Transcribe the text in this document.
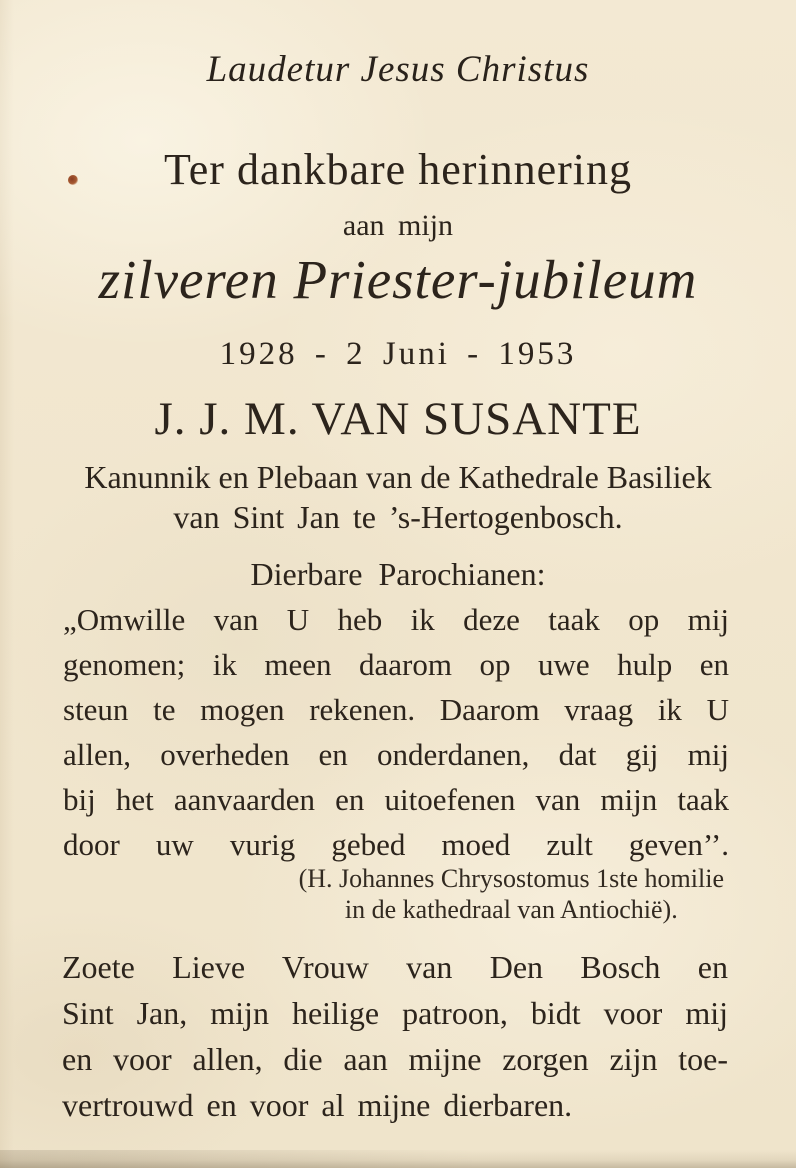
Laudetur Jesus Christus
Ter dankbare herinnering
aan mijn
zilveren Priester-jubileum
1928 - 2 Juni - 1953
J. J. M. VAN SUSANTE
Kanunnik en Plebaan van de Kathedrale Basiliek
van Sint Jan te ’s-Hertogenbosch.
Dierbare Parochianen:
„Omwille van U heb ik deze taak op mij
genomen; ik meen daarom op uwe hulp en
steun te mogen rekenen. Daarom vraag ik U
allen, overheden en onderdanen, dat gij mij
bij het aanvaarden en uitoefenen van mijn taak
door uw vurig gebed moed zult geven’’.
(H. Johannes Chrysostomus 1ste homilie
in de kathedraal van Antiochië).
Zoete Lieve Vrouw van Den Bosch en
Sint Jan, mijn heilige patroon, bidt voor mij
en voor allen, die aan mijne zorgen zijn toe-
vertrouwd en voor al mijne dierbaren.
